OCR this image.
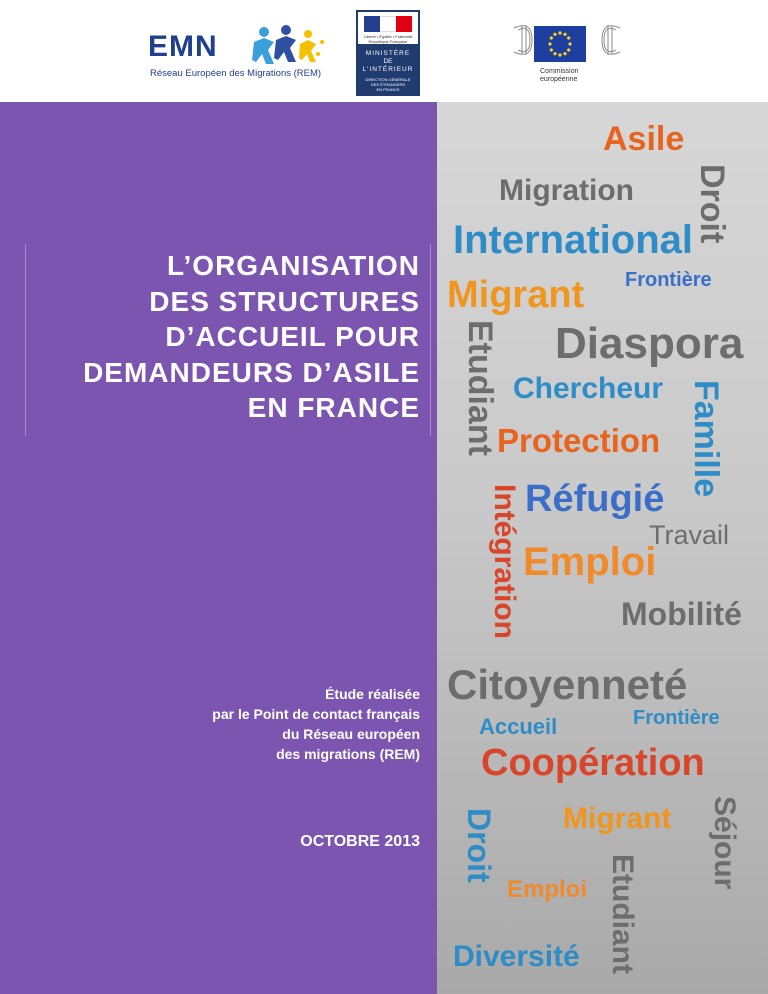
EMN
Réseau Européen des Migrations (REM)
Liberté • Égalité • Fraternité
République Française
MINISTÈRE
DE
L'INTÉRIEUR
DIRECTION GÉNÉRALE
DES ÉTRANGERS
EN FRANCE
Commission
européenne
L’ORGANISATION
DES STRUCTURES
D’ACCUEIL POUR
DEMANDEURS D’ASILE
EN FRANCE
Étude réalisée
par le Point de contact français
du Réseau européen
des migrations (REM)
OCTOBRE 2013
Asile
Droit
Migration
International
Frontière
Migrant
Etudiant Diaspora
Chercheur Famille
Protection
Intégration Réfugié
Travail
Emploi
Mobilité
Citoyenneté
Frontière
Accueil
Coopération
Droit	Séjour
Migrant
Etudiant
Emploi
Diversité
